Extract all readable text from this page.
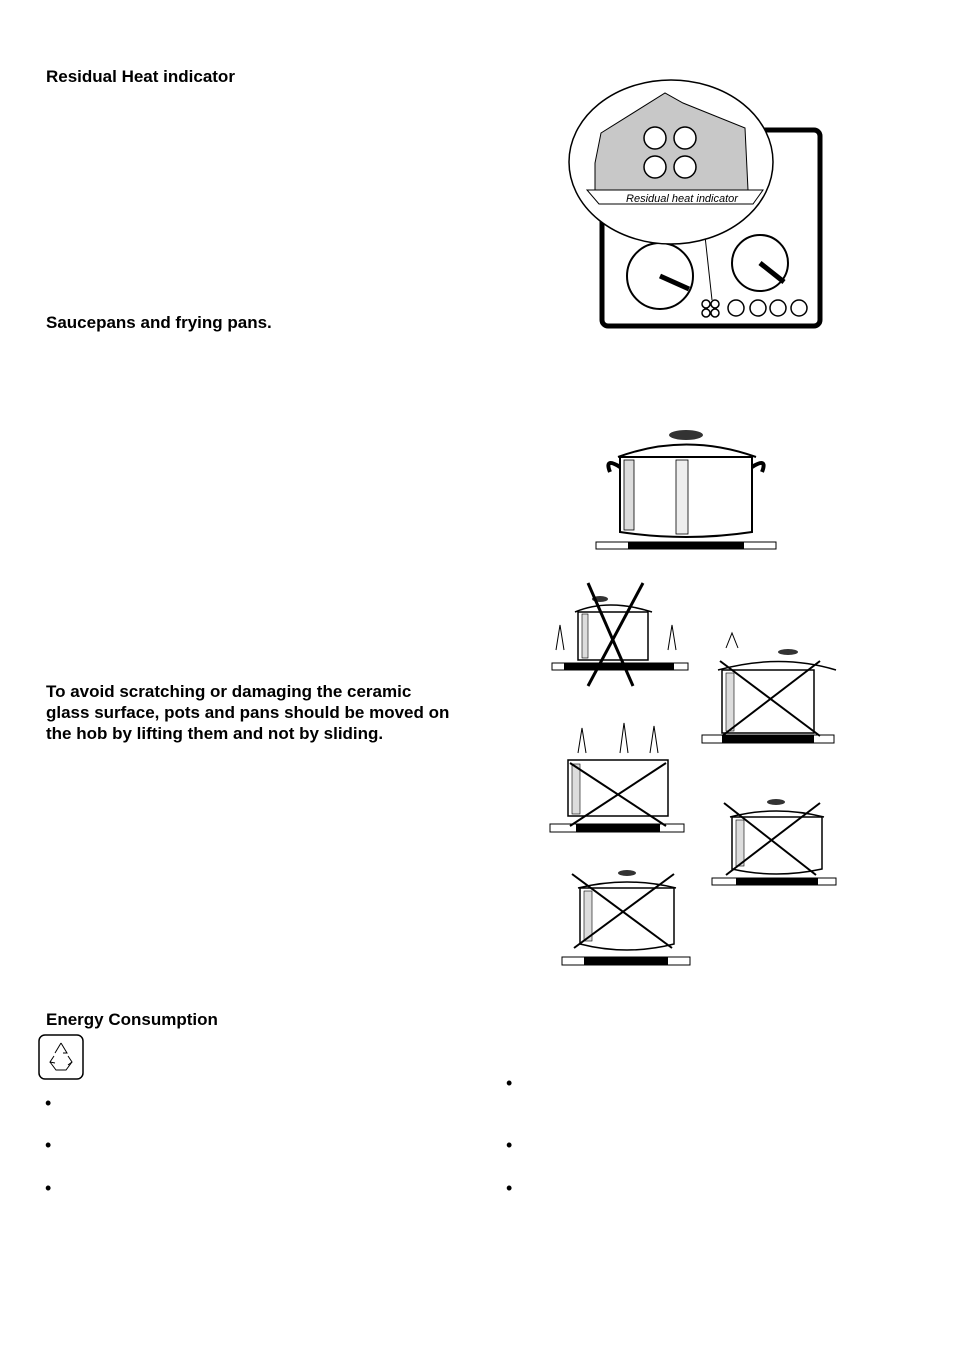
Residual Heat indicator
Saucepans and frying pans.

To avoid scratching or damaging the ceramic glass surface, pots and pans should be moved on the hob by lifting them and not by sliding.

Energy Consumption
Residual heat indicator
•
•
•
•
•
•
